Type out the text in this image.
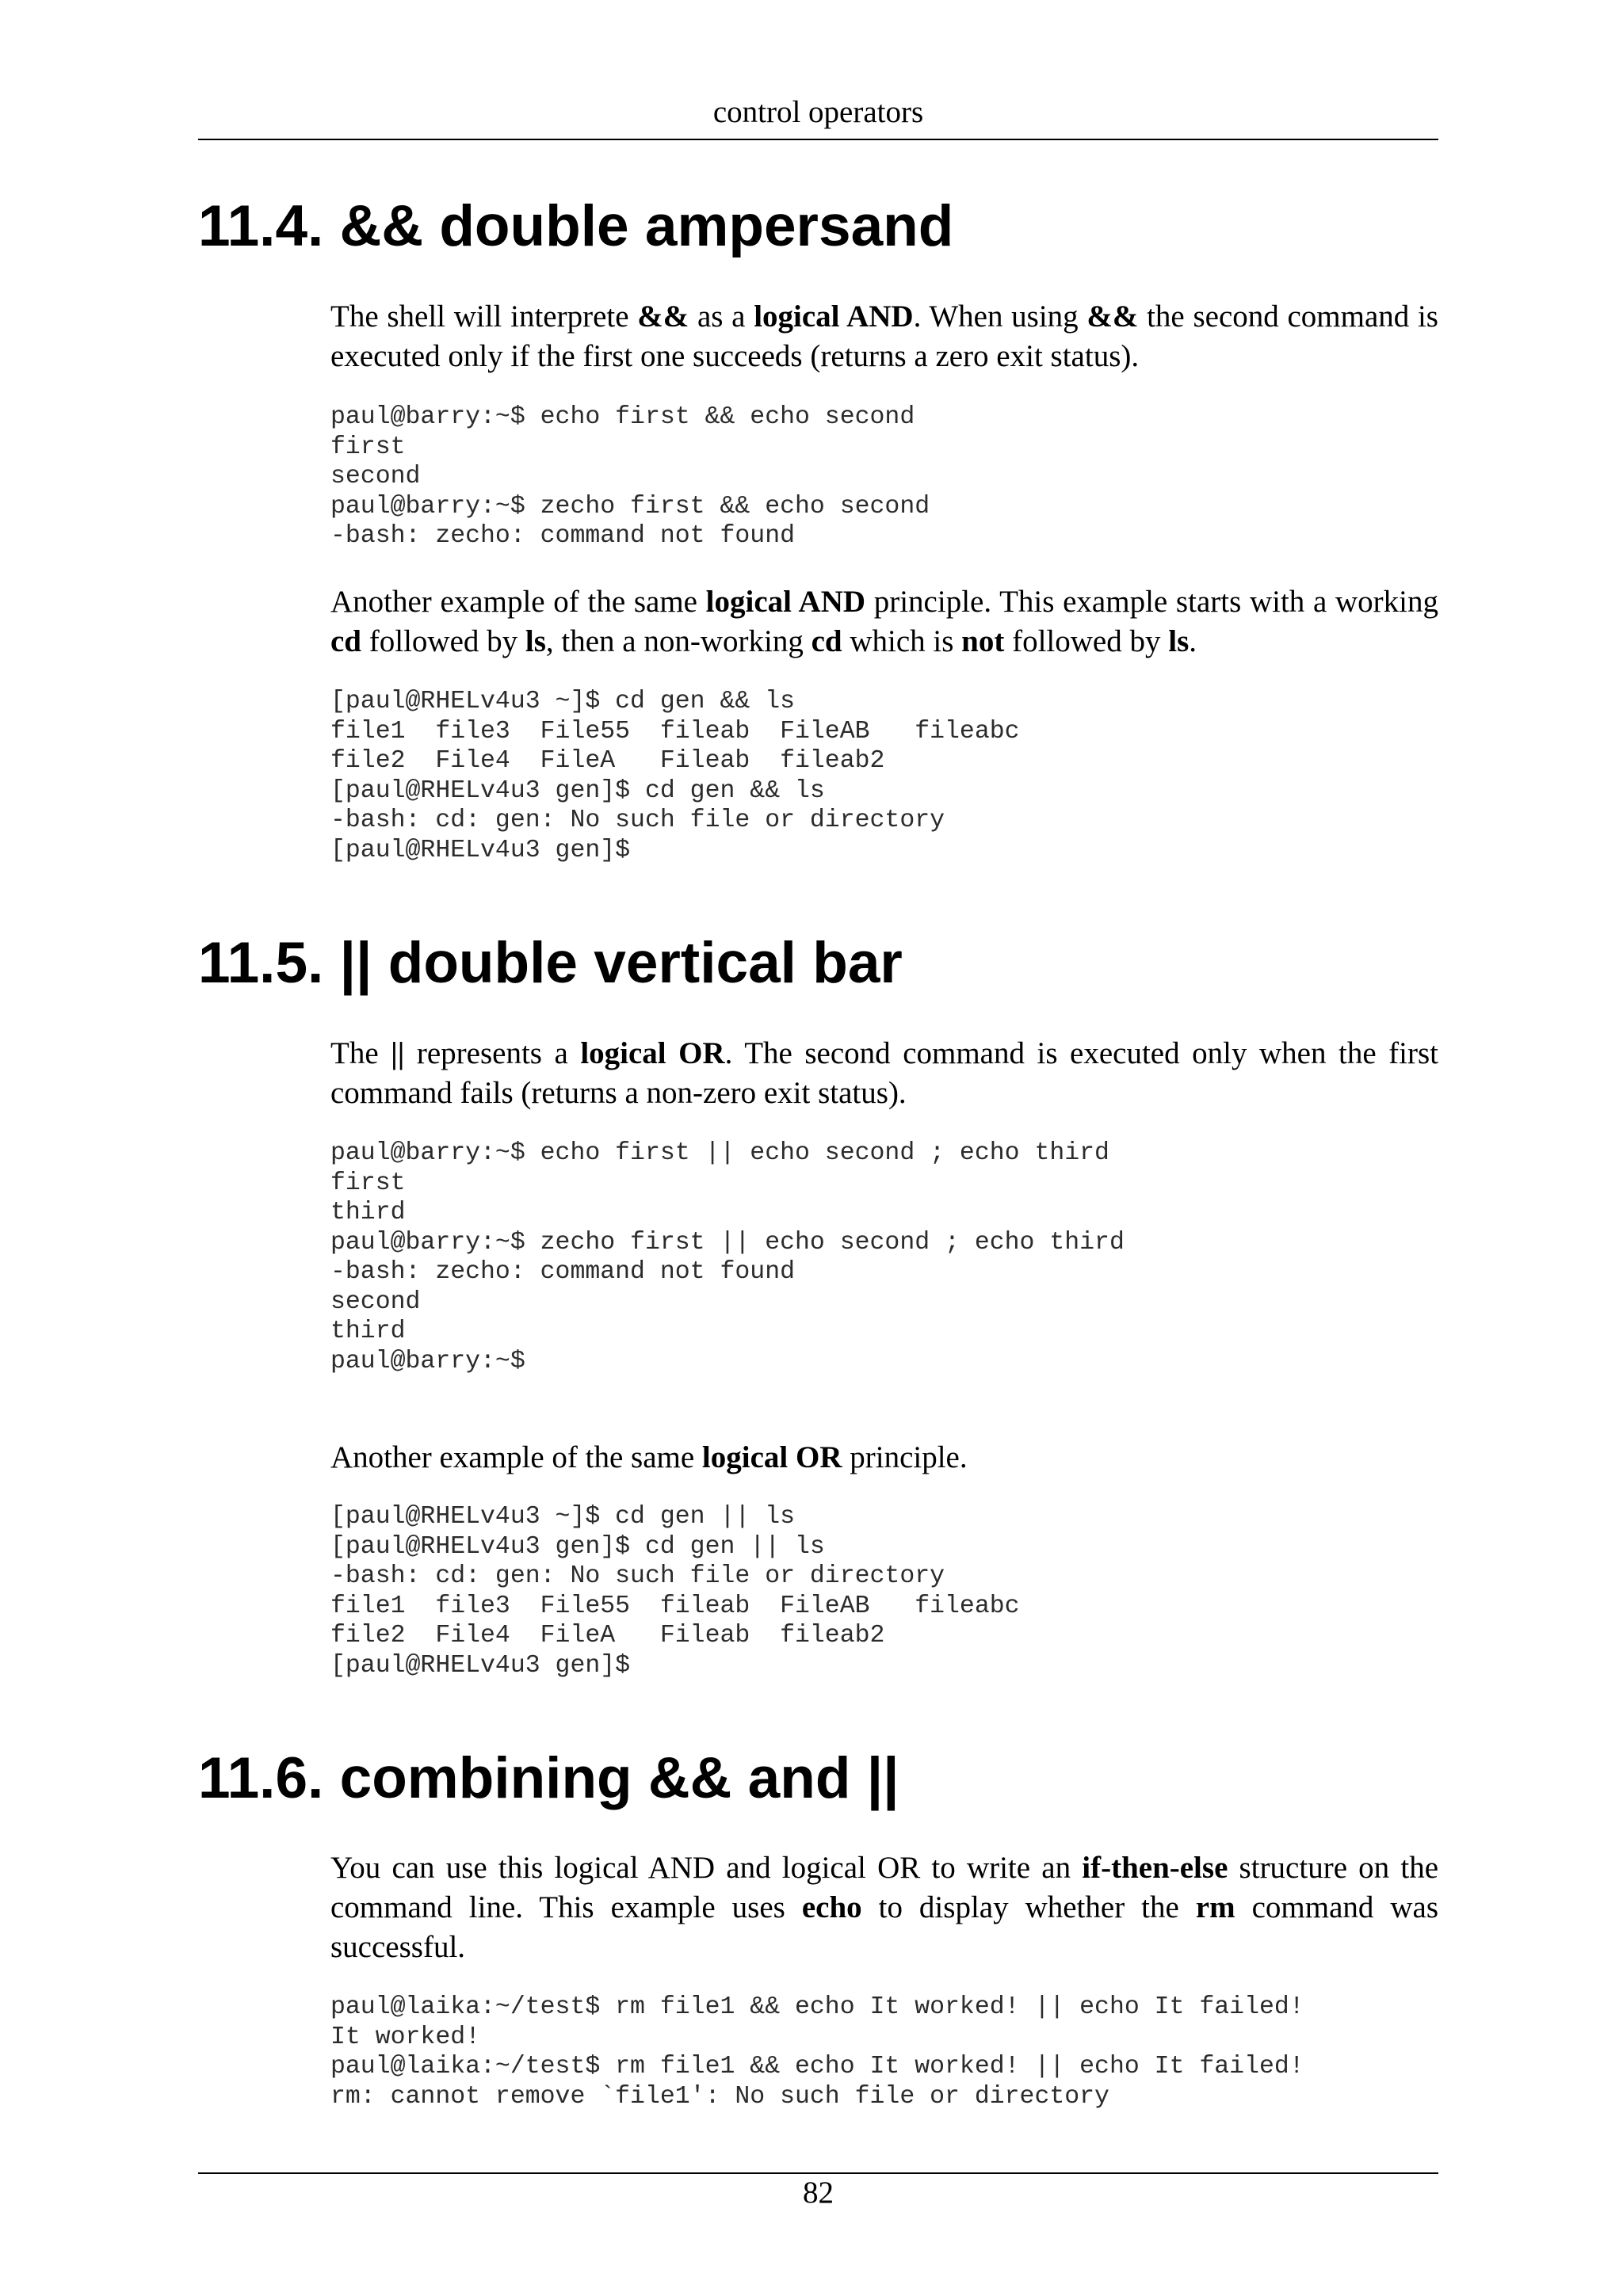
control operators
11.4. && double ampersand

The shell will interprete && as a logical AND. When using && the second command is executed only if the first one succeeds (returns a zero exit status).

paul@barry:~$ echo first && echo second
first
second
paul@barry:~$ zecho first && echo second
-bash: zecho: command not found

Another example of the same logical AND principle. This example starts with a working cd followed by ls, then a non-working cd which is not followed by ls.

[paul@RHELv4u3 ~]$ cd gen && ls
file1  file3  File55  fileab  FileAB   fileabc
file2  File4  FileA   Fileab  fileab2
[paul@RHELv4u3 gen]$ cd gen && ls
-bash: cd: gen: No such file or directory
[paul@RHELv4u3 gen]$
11.5. || double vertical bar

The || represents a logical OR. The second command is executed only when the first command fails (returns a non-zero exit status).

paul@barry:~$ echo first || echo second ; echo third
first
third
paul@barry:~$ zecho first || echo second ; echo third
-bash: zecho: command not found
second
third
paul@barry:~$

Another example of the same logical OR principle.

[paul@RHELv4u3 ~]$ cd gen || ls
[paul@RHELv4u3 gen]$ cd gen || ls
-bash: cd: gen: No such file or directory
file1  file3  File55  fileab  FileAB   fileabc
file2  File4  FileA   Fileab  fileab2
[paul@RHELv4u3 gen]$
11.6. combining && and ||

You can use this logical AND and logical OR to write an if-then-else structure on the command line. This example uses echo to display whether the rm command was successful.

paul@laika:~/test$ rm file1 && echo It worked! || echo It failed!
It worked!
paul@laika:~/test$ rm file1 && echo It worked! || echo It failed!
rm: cannot remove `file1': No such file or directory
82
